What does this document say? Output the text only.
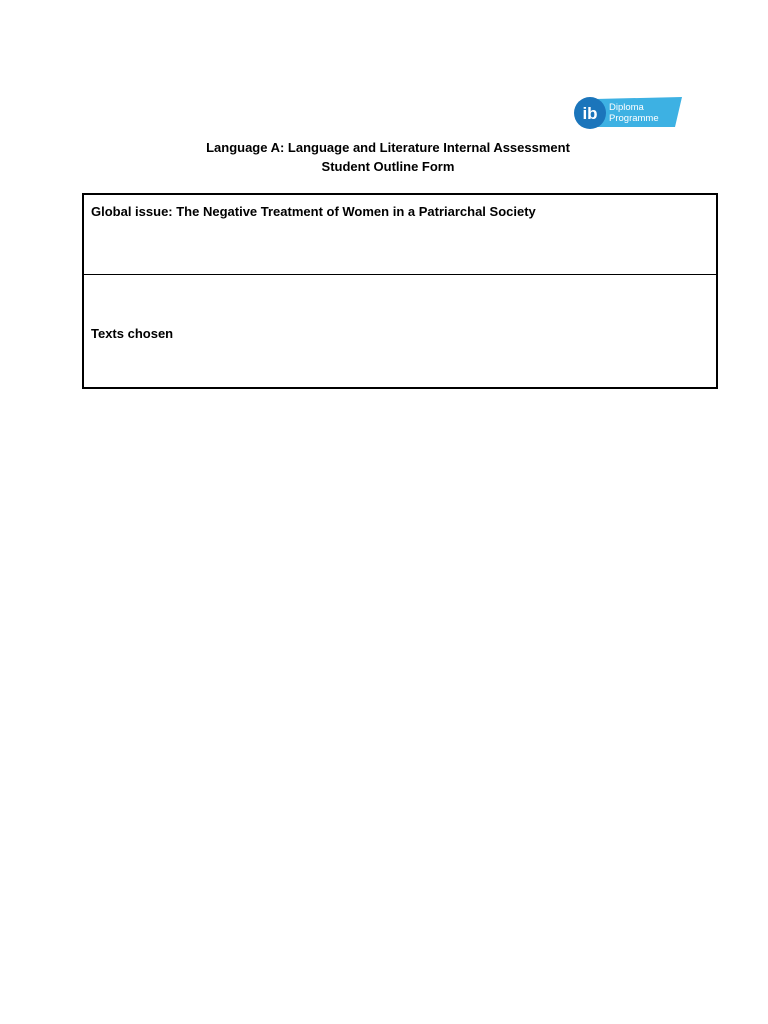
ib Diploma
Programme
Language A: Language and Literature Internal Assessment
Student Outline Form
Global issue: The Negative Treatment of Women in a Patriarchal Society
Texts chosen
